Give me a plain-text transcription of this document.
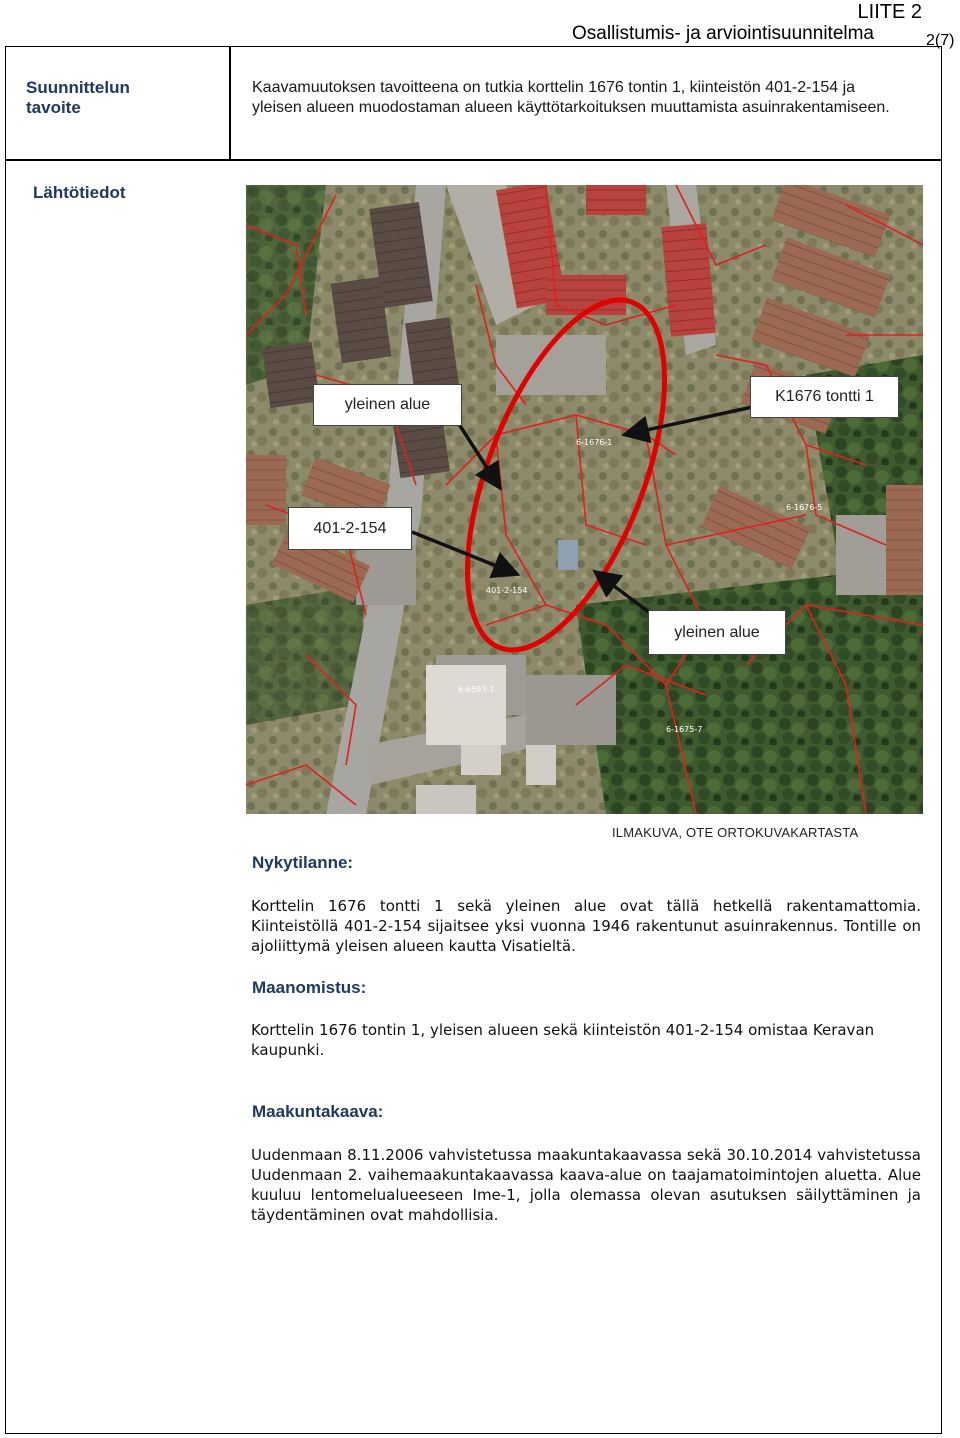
LIITE 2
Osallistumis- ja arviointisuunnitelma	2(7)
Suunnittelun tavoite
Kaavamuutoksen tavoitteena on tutkia korttelin 1676 tontin 1, kiinteistön 401-2-154 ja yleisen alueen muodostaman alueen käyttötarkoituksen muuttamista asuinrakentamiseen.
Lähtötiedot
401-2-154
6-1676-1
6-6593-1
6-1675-7
6-1676-5
yleinen alue	K1676 tontti 1
401-2-154
yleinen alue
ILMAKUVA, OTE ORTOKUVAKARTASTA
Nykytilanne:
Korttelin 1676 tontti 1 sekä yleinen alue ovat tällä hetkellä rakentamattomia. Kiinteistöllä 401-2-154 sijaitsee yksi vuonna 1946 rakentunut asuinrakennus. Tontille on ajoliittymä yleisen alueen kautta Visatieltä.
Maanomistus:
Korttelin 1676 tontin 1, yleisen alueen sekä kiinteistön 401-2-154 omistaa Keravan kaupunki.
Maakuntakaava:
Uudenmaan 8.11.2006 vahvistetussa maakuntakaavassa sekä 30.10.2014 vahvistetussa Uudenmaan 2. vaihemaakuntakaavassa kaava-alue on taajamatoimintojen aluetta. Alue kuuluu lentomelualueeseen Ime-1, jolla olemassa olevan asutuksen säilyttäminen ja täydentäminen ovat mahdollisia.
